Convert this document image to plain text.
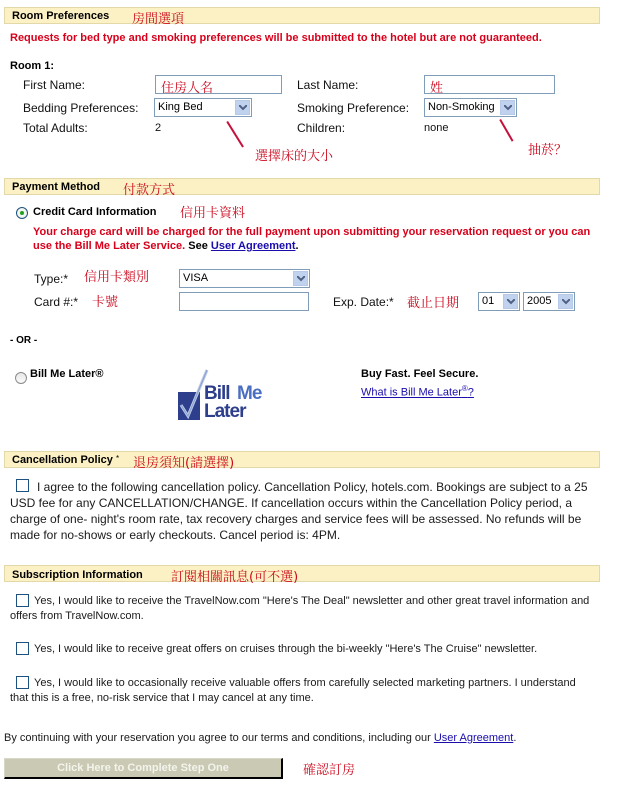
Room Preferences 房間選項
Requests for bed type and smoking preferences will be submitted to the hotel but are not guaranteed.
Room 1:
First Name:	住房人名	Last Name:	姓
Bedding Preferences: King Bed	Smoking Preference: Non-Smoking
Total Adults:	2	Children:	none
選擇床的大小	抽菸？
Payment Method 付款方式
Credit Card Information 信用卡資料
Your charge card will be charged for the full payment upon submitting your reservation request or you can use the Bill Me Later Service. See User Agreement.
Type:* 信用卡類別	VISA
Card #:* 卡號	Exp. Date:* 截止日期 01	2005
- OR -
Bill Me Later®
Bill Me
Later
Buy Fast. Feel Secure.
What is Bill Me Later®?
Cancellation Policy * 退房須知(請選擇)
I agree to the following cancellation policy. Cancellation Policy, hotels.com. Bookings are subject to a 25 USD fee for any CANCELLATION/CHANGE. If cancellation occurs within the Cancellation Policy period, a charge of one- night's room rate, tax recovery charges and service fees will be assessed. No refunds will be made for no-shows or early checkouts. Cancel period is: 4PM.
Subscription Information 訂閱相關訊息(可不選)
Yes, I would like to receive the TravelNow.com "Here's The Deal" newsletter and other great travel information and offers from TravelNow.com.
Yes, I would like to receive great offers on cruises through the bi-weekly "Here's The Cruise" newsletter.
Yes, I would like to occasionally receive valuable offers from carefully selected marketing partners. I understand that this is a free, no-risk service that I may cancel at any time.
By continuing with your reservation you agree to our terms and conditions, including our User Agreement.
Click Here to Complete Step One	確認訂房
